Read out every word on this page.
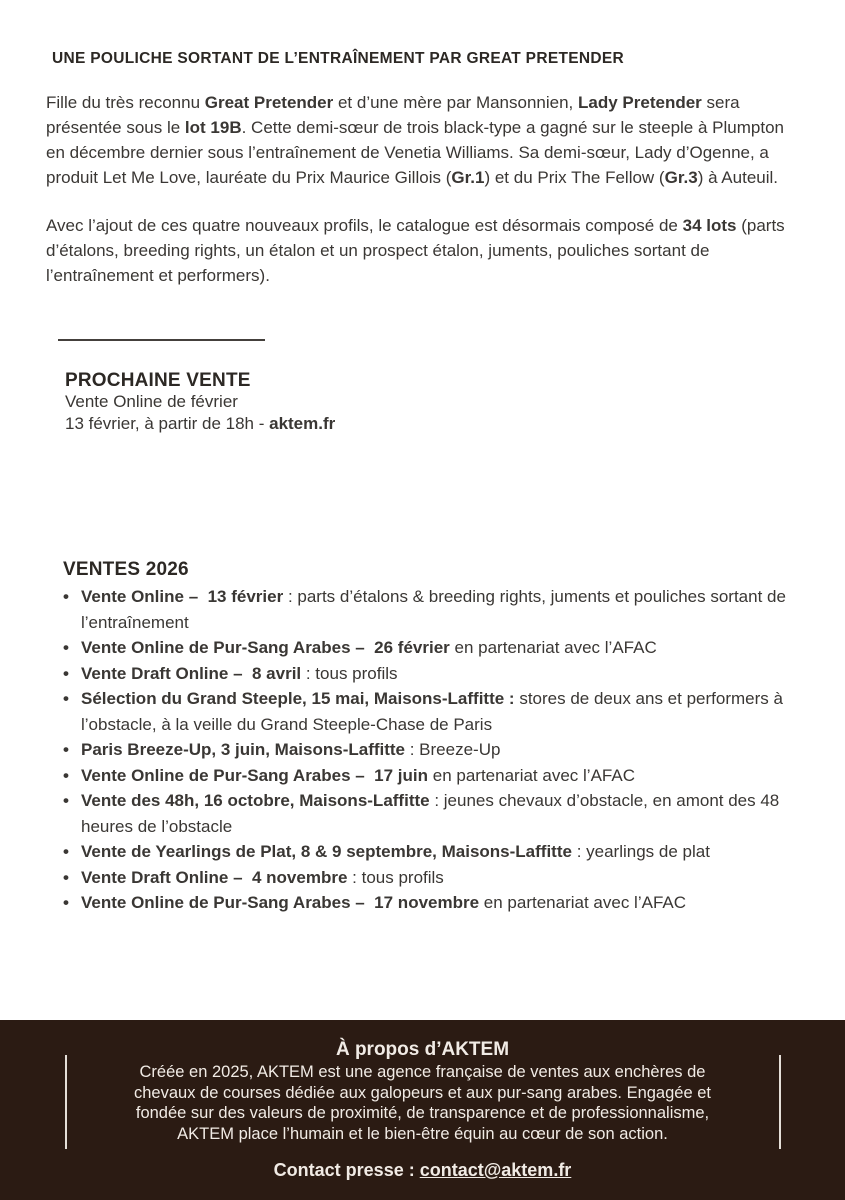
UNE POULICHE SORTANT DE L’ENTRAÎNEMENT PAR GREAT PRETENDER

Fille du très reconnu Great Pretender et d’une mère par Mansonnien, Lady Pretender sera présentée sous le lot 19B. Cette demi-sœur de trois black-type a gagné sur le steeple à Plumpton en décembre dernier sous l’entraînement de Venetia Williams. Sa demi-sœur, Lady d’Ogenne, a produit Let Me Love, lauréate du Prix Maurice Gillois (Gr.1) et du Prix The Fellow (Gr.3) à Auteuil.

Avec l’ajout de ces quatre nouveaux profils, le catalogue est désormais composé de 34 lots (parts d’étalons, breeding rights, un étalon et un prospect étalon, juments, pouliches sortant de l’entraînement et performers).

PROCHAINE VENTE

Vente Online de février

13 février, à partir de 18h - aktem.fr

VENTES 2026
• Vente Online –  13 février : parts d’étalons & breeding rights, juments et pouliches sortant de l’entraînement
• Vente Online de Pur-Sang Arabes –  26 février en partenariat avec l’AFAC
• Vente Draft Online –  8 avril : tous profils
• Sélection du Grand Steeple, 15 mai, Maisons-Laffitte : stores de deux ans et performers à l’obstacle, à la veille du Grand Steeple-Chase de Paris
• Paris Breeze-Up, 3 juin, Maisons-Laffitte : Breeze-Up
• Vente Online de Pur-Sang Arabes –  17 juin en partenariat avec l’AFAC
• Vente des 48h, 16 octobre, Maisons-Laffitte : jeunes chevaux d’obstacle, en amont des 48 heures de l’obstacle
• Vente de Yearlings de Plat, 8 & 9 septembre, Maisons-Laffitte : yearlings de plat
• Vente Draft Online –  4 novembre : tous profils
• Vente Online de Pur-Sang Arabes –  17 novembre en partenariat avec l’AFAC
À propos d’AKTEM

Créée en 2025, AKTEM est une agence française de ventes aux enchères de chevaux de courses dédiée aux galopeurs et aux pur-sang arabes. Engagée et fondée sur des valeurs de proximité, de transparence et de professionnalisme, AKTEM place l’humain et le bien-être équin au cœur de son action.

Contact presse : contact@aktem.fr
